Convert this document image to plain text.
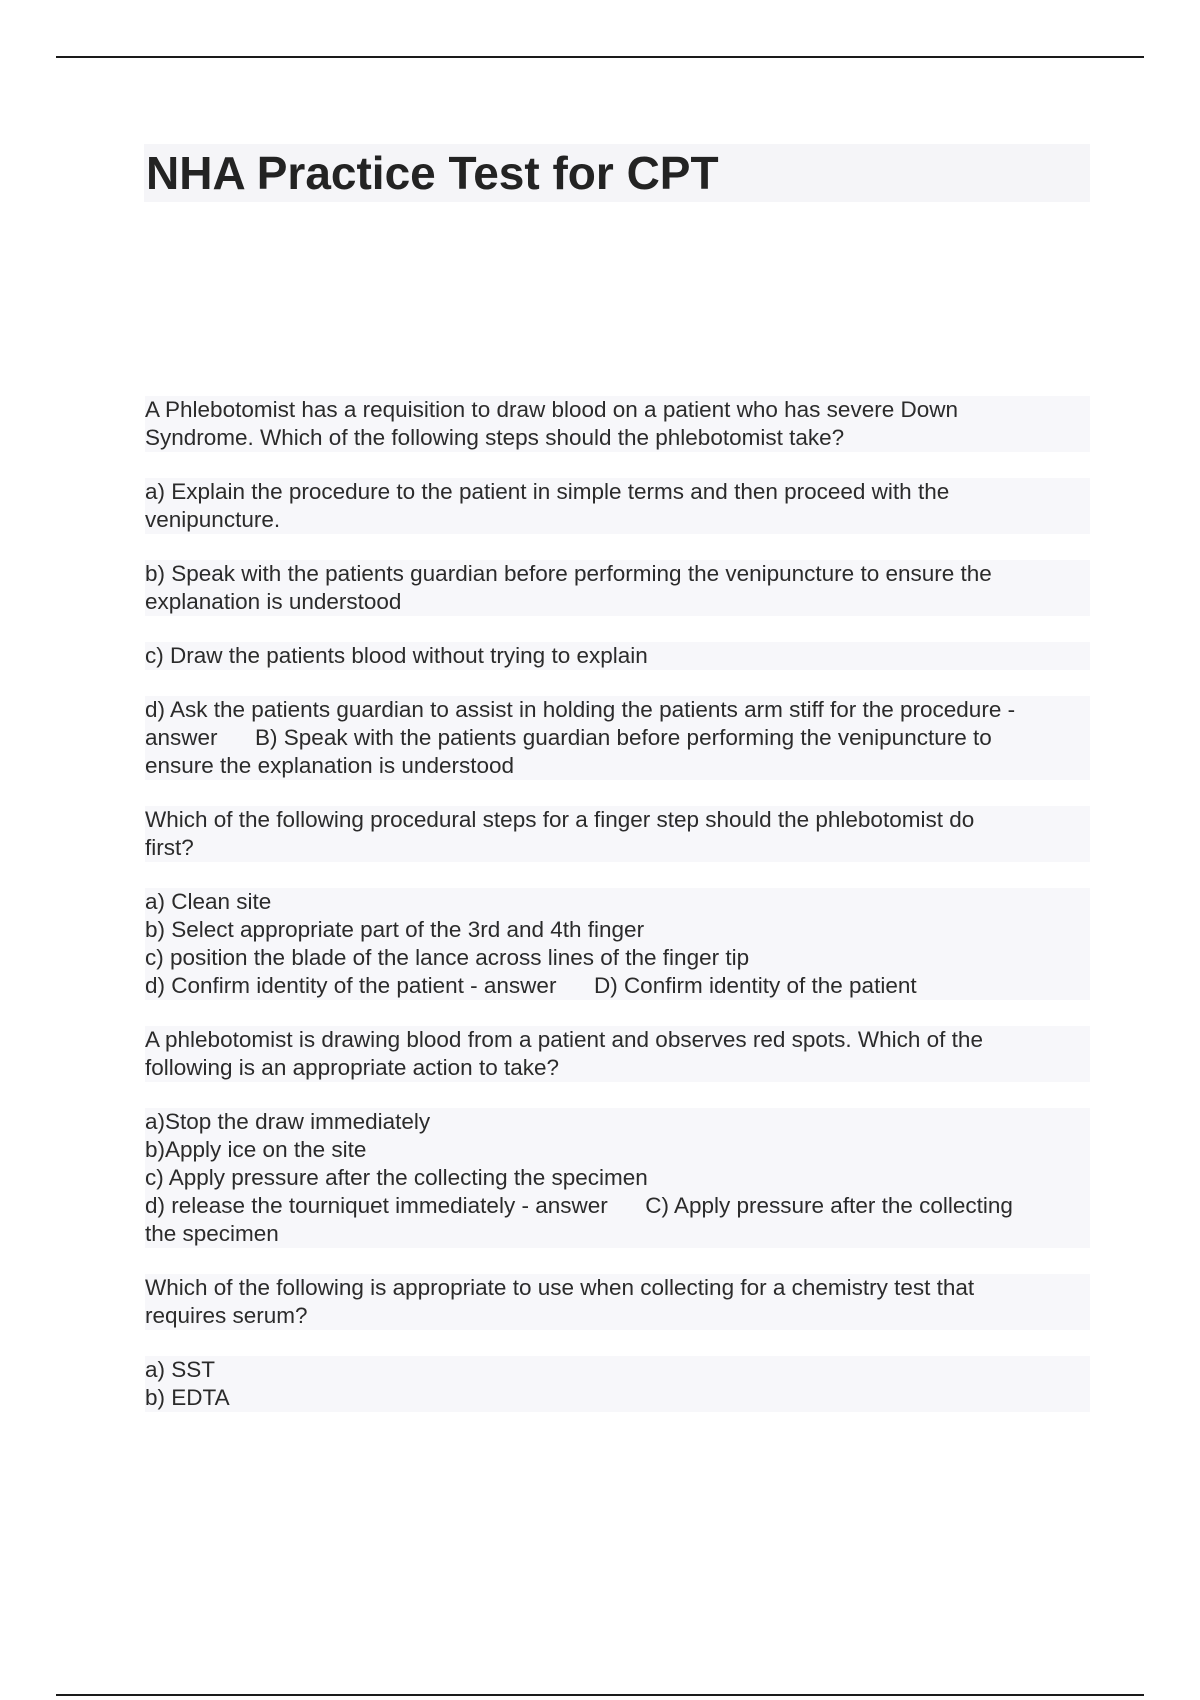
NHA Practice Test for CPT

A Phlebotomist has a requisition to draw blood on a patient who has severe Down
Syndrome. Which of the following steps should the phlebotomist take?

a) Explain the procedure to the patient in simple terms and then proceed with the
venipuncture.

b) Speak with the patients guardian before performing the venipuncture to ensure the
explanation is understood

c) Draw the patients blood without trying to explain

d) Ask the patients guardian to assist in holding the patients arm stiff for the procedure -
answer      B) Speak with the patients guardian before performing the venipuncture to
ensure the explanation is understood

Which of the following procedural steps for a finger step should the phlebotomist do
first?

a) Clean site
b) Select appropriate part of the 3rd and 4th finger
c) position the blade of the lance across lines of the finger tip
d) Confirm identity of the patient - answer      D) Confirm identity of the patient

A phlebotomist is drawing blood from a patient and observes red spots. Which of the
following is an appropriate action to take?

a)Stop the draw immediately
b)Apply ice on the site
c) Apply pressure after the collecting the specimen
d) release the tourniquet immediately - answer      C) Apply pressure after the collecting
the specimen

Which of the following is appropriate to use when collecting for a chemistry test that
requires serum?

a) SST
b) EDTA
